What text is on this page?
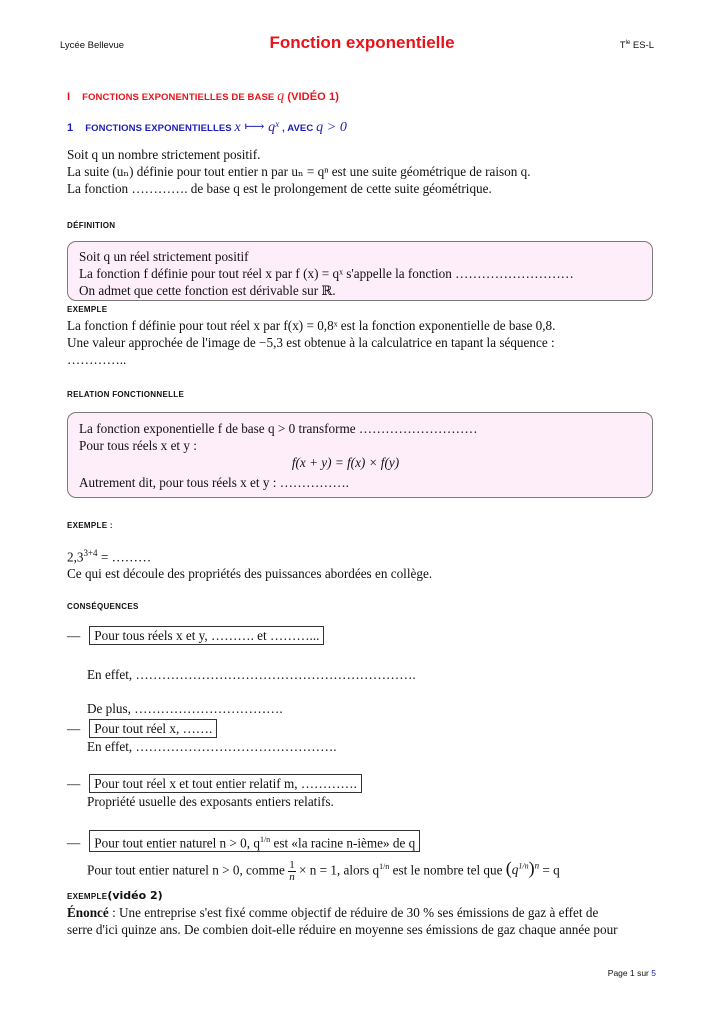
Lycée Bellevue	Fonction exponentielle	$T^{le}$ ES-L
I FONCTIONS EXPONENTIELLES DE BASE q (VIDÉO 1)
1 FONCTIONS EXPONENTIELLES x ⟼ $q^x$ , AVEC q > 0
Soit q un nombre strictement positif.
La suite (uₙ) définie pour tout entier n par uₙ = qⁿ est une suite géométrique de raison q.
La fonction …………. de base q est le prolongement de cette suite géométrique.
DÉFINITION
Soit q un réel strictement positif
La fonction f définie pour tout réel x par f (x) = qˣ s'appelle la fonction ………………………
On admet que cette fonction est dérivable sur ℝ.
EXEMPLE
La fonction f définie pour tout réel x par f(x) = 0,8ˣ est la fonction exponentielle de base 0,8.
Une valeur approchée de l'image de −5,3 est obtenue à la calculatrice en tapant la séquence :
…………..
RELATION FONCTIONNELLE
La fonction exponentielle f de base q > 0 transforme ………………………
Pour tous réels x et y :
f(x + y) = f(x) × f(y)
Autrement dit, pour tous réels x et y : …………….
EXEMPLE :
$2,3^{3+4}$ = ………
Ce qui est découle des propriétés des puissances abordées en collège.
CONSÉQUENCES
— Pour tous réels x et y, ………. et ………...
En effet, ……………………………………………………….
De plus, …………………………….
— Pour tout réel x, …….
En effet, ……………………………………….
— Pour tout réel x et tout entier relatif m, ………….
Propriété usuelle des exposants entiers relatifs.
— Pour tout entier naturel n > 0, $q^{1/n}$ est «la racine n-ième» de q
Pour tout entier naturel n > 0, comme $\frac{1}{n} \times n = 1$, alors $q^{1/n}$ est le nombre tel que $(q^{1/n})^n = q$
EXEMPLE(vidéo 2)
Énoncé : Une entreprise s'est fixé comme objectif de réduire de 30 % ses émissions de gaz à effet de
serre d'ici quinze ans. De combien doit-elle réduire en moyenne ses émissions de gaz chaque année pour
Page 1 sur 5
